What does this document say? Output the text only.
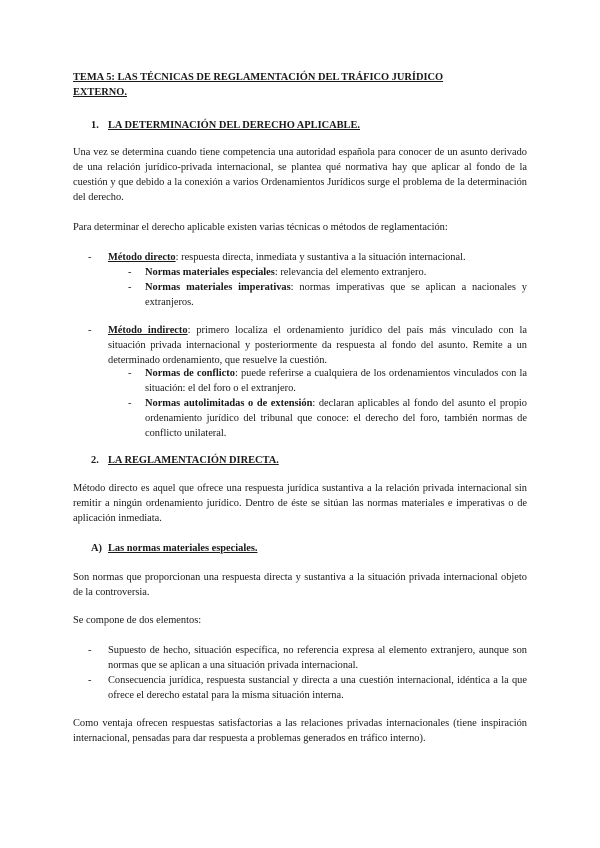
TEMA 5: LAS TÉCNICAS DE REGLAMENTACIÓN DEL TRÁFICO JURÍDICO EXTERNO.
1. LA DETERMINACIÓN DEL DERECHO APLICABLE.

Una vez se determina cuando tiene competencia una autoridad española para conocer de un asunto derivado de una relación jurídico-privada internacional, se plantea qué normativa hay que aplicar al fondo de la cuestión y que debido a la conexión a varios Ordenamientos Jurídicos surge el problema de la determinación del derecho.

Para determinar el derecho aplicable existen varias técnicas o métodos de reglamentación:

- Método directo: respuesta directa, inmediata y sustantiva a la situación internacional.

- Normas materiales especiales: relevancia del elemento extranjero.

- Normas materiales imperativas: normas imperativas que se aplican a nacionales y extranjeros.

- Método indirecto: primero localiza el ordenamiento jurídico del país más vinculado con la situación privada internacional y posteriormente da respuesta al fondo del asunto. Remite a un determinado ordenamiento, que resuelve la cuestión.

- Normas de conflicto: puede referirse a cualquiera de los ordenamientos vinculados con la situación: el del foro o el extranjero.

- Normas autolimitadas o de extensión: declaran aplicables al fondo del asunto el propio ordenamiento jurídico del tribunal que conoce: el derecho del foro, también normas de conflicto unilateral.

2. LA REGLAMENTACIÓN DIRECTA.

Método directo es aquel que ofrece una respuesta jurídica sustantiva a la relación privada internacional sin remitir a ningún ordenamiento jurídico. Dentro de éste se sitúan las normas materiales e imperativas o de aplicación inmediata.

A) Las normas materiales especiales.

Son normas que proporcionan una respuesta directa y sustantiva a la situación privada internacional objeto de la controversia.

Se compone de dos elementos:

- Supuesto de hecho, situación específica, no referencia expresa al elemento extranjero, aunque son normas que se aplican a una situación privada internacional.

- Consecuencia jurídica, respuesta sustancial y directa a una cuestión internacional, idéntica a la que ofrece el derecho estatal para la misma situación interna.

Como ventaja ofrecen respuestas satisfactorias a las relaciones privadas internacionales (tiene inspiración internacional, pensadas para dar respuesta a problemas generados en tráfico interno).
